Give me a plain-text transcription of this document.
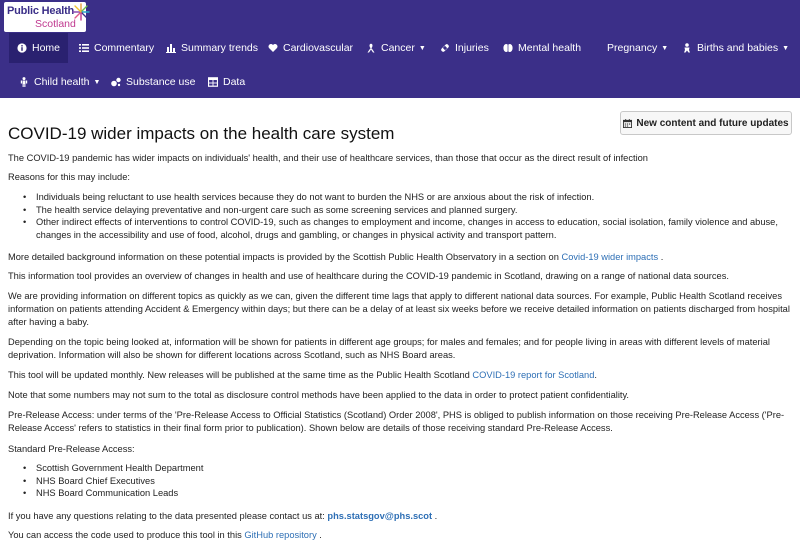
Public Health
Scotland
Home	Commentary	Summary trends Cardiovascular	Cancer ▼	Injuries	Mental health Pregnancy ▼	Births and babies ▼
Child health ▼ Substance use	Data
COVID-19 wider impacts on the health care system
New content and future updates

The COVID-19 pandemic has wider impacts on individuals' health, and their use of healthcare services, than those that occur as the direct result of infection

Reasons for this may include:

• Individuals being reluctant to use health services because they do not want to burden the NHS or are anxious about the risk of infection.
• The health service delaying preventative and non-urgent care such as some screening services and planned surgery.
• Other indirect effects of interventions to control COVID-19, such as changes to employment and income, changes in access to education, social isolation, family violence and abuse, changes in the accessibility and use of food, alcohol, drugs and gambling, or changes in physical activity and transport pattern.

More detailed background information on these potential impacts is provided by the Scottish Public Health Observatory in a section on Covid-19 wider impacts .

This information tool provides an overview of changes in health and use of healthcare during the COVID-19 pandemic in Scotland, drawing on a range of national data sources.

We are providing information on different topics as quickly as we can, given the different time lags that apply to different national data sources. For example, Public Health Scotland receives information on patients attending Accident & Emergency within days; but there can be a delay of at least six weeks before we receive detailed information on patients discharged from hospital after having a baby.

Depending on the topic being looked at, information will be shown for patients in different age groups; for males and females; and for people living in areas with different levels of material deprivation. Information will also be shown for different locations across Scotland, such as NHS Board areas.

This tool will be updated monthly. New releases will be published at the same time as the Public Health Scotland COVID-19 report for Scotland.

Note that some numbers may not sum to the total as disclosure control methods have been applied to the data in order to protect patient confidentiality.

Pre-Release Access: under terms of the 'Pre-Release Access to Official Statistics (Scotland) Order 2008', PHS is obliged to publish information on those receiving Pre-Release Access ('Pre-Release Access' refers to statistics in their final form prior to publication). Shown below are details of those receiving standard Pre-Release Access.

Standard Pre-Release Access:

• Scottish Government Health Department
• NHS Board Chief Executives
• NHS Board Communication Leads

If you have any questions relating to the data presented please contact us at: phs.statsgov@phs.scot .

You can access the code used to produce this tool in this GitHub repository .
